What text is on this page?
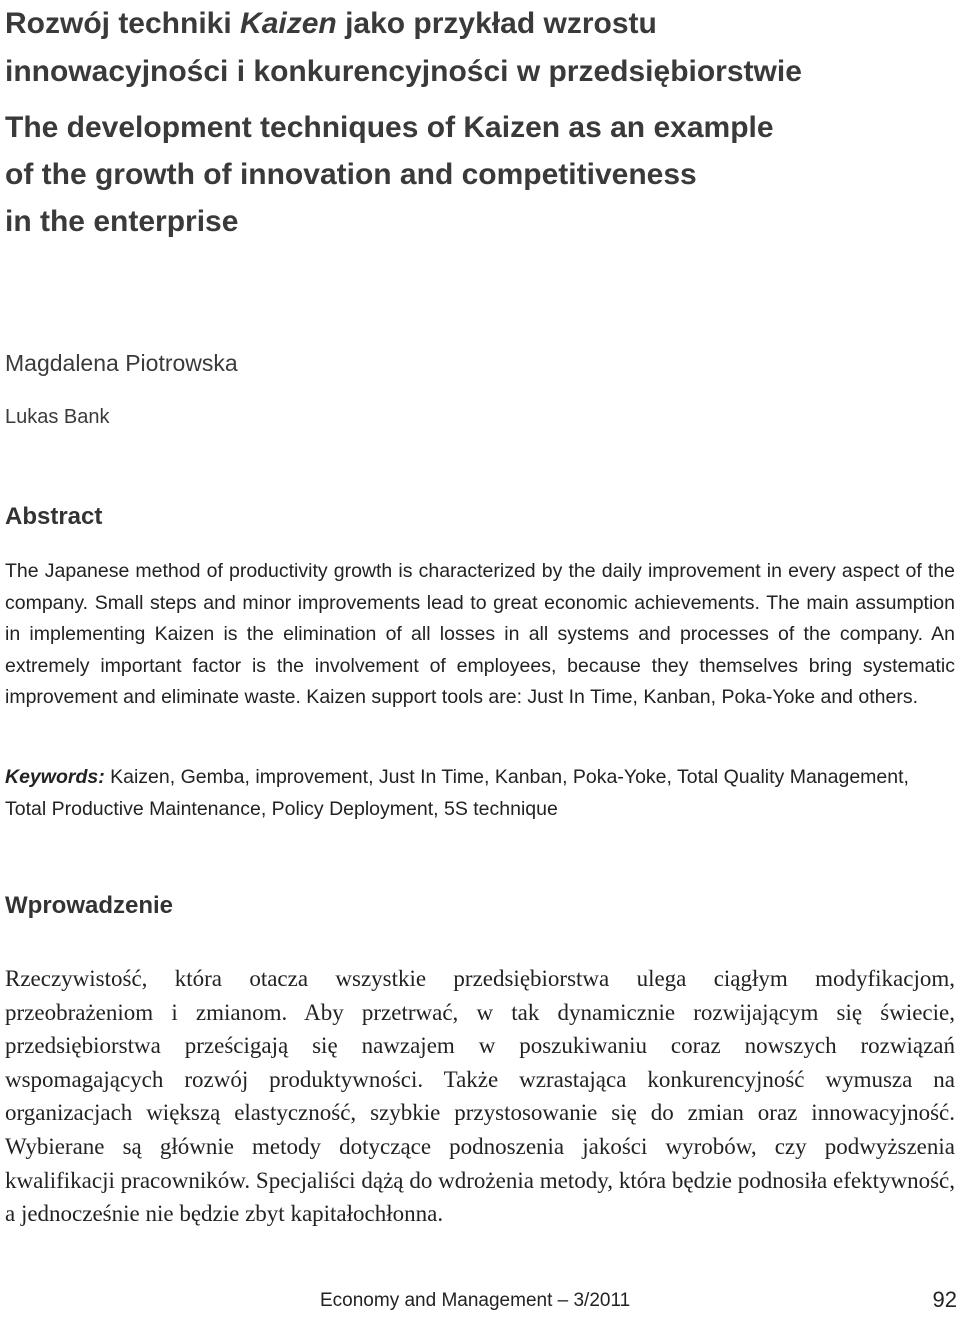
Rozwój techniki Kaizen jako przykład wzrostu
innowacyjności i konkurencyjności w przedsiębiorstwie
The development techniques of Kaizen as an example
of the growth of innovation and competitiveness
in the enterprise

Magdalena Piotrowska

Lukas Bank

Abstract

The Japanese method of productivity growth is characterized by the daily improvement in every aspect of the company. Small steps and minor improvements lead to great economic achievements. The main assumption in implementing Kaizen is the elimination of all losses in all systems and processes of the company. An extremely important factor is the involvement of employees, because they themselves bring systematic improvement and eliminate waste. Kaizen support tools are: Just In Time, Kanban, Poka-Yoke and others.

Keywords: Kaizen, Gemba, improvement, Just In Time, Kanban, Poka-Yoke, Total Quality Management, Total Productive Maintenance, Policy Deployment, 5S technique

Wprowadzenie

Rzeczywistość, która otacza wszystkie przedsiębiorstwa ulega ciągłym modyfikacjom, przeobrażeniom i zmianom. Aby przetrwać, w tak dynamicznie rozwijającym się świecie, przedsiębiorstwa prześcigają się nawzajem w poszukiwaniu coraz nowszych rozwiązań wspomagających rozwój produktywności. Także wzrastająca konkurencyjność wymusza na organizacjach większą elastyczność, szybkie przystosowanie się do zmian oraz innowacyjność. Wybierane są głównie metody dotyczące podnoszenia jakości wyrobów, czy podwyższenia kwalifikacji pracowników. Specjaliści dążą do wdrożenia metody, która będzie podnosiła efektywność, a jednocześnie nie będzie zbyt kapitałochłonna.

Economy and Management – 3/2011	92
